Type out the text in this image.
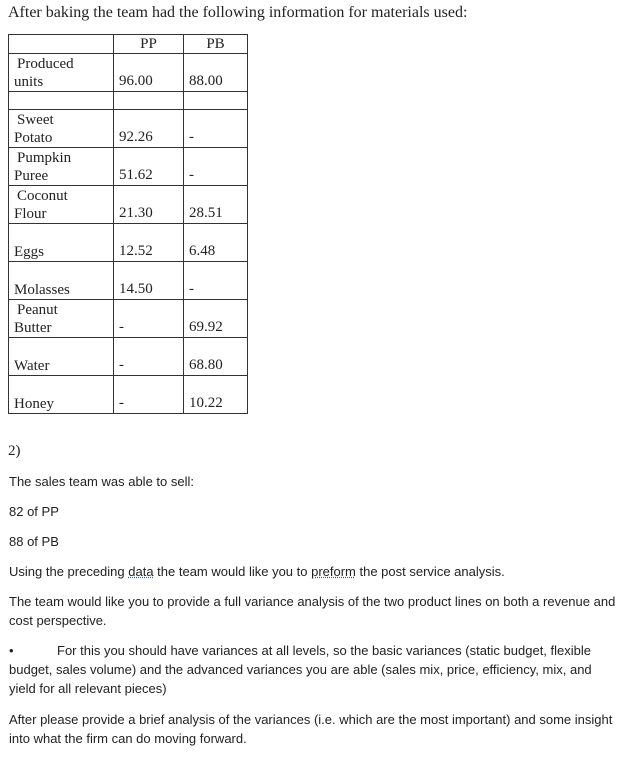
After baking the team had the following information for materials used:
	PP	PB

Produced
units	96.00	88.00

Sweet
Potato	92.26	-

Pumpkin
Puree	51.62	-

Coconut
Flour	21.30	28.51

Eggs	12.52	6.48

Molasses	14.50	-

Peanut
Butter	-	69.92

Water	-	68.80

Honey	-	10.22
2)
The sales team was able to sell:
82 of PP
88 of PB
Using the preceding data the team would like you to preform the post service analysis.
The team would like you to provide a full variance analysis of the two product lines on both a revenue and cost perspective.
•	For this you should have variances at all levels, so the basic variances (static budget, flexible budget, sales volume) and the advanced variances you are able (sales mix, price, efficiency, mix, and yield for all relevant pieces)
After please provide a brief analysis of the variances (i.e. which are the most important) and some insight into what the firm can do moving forward.
